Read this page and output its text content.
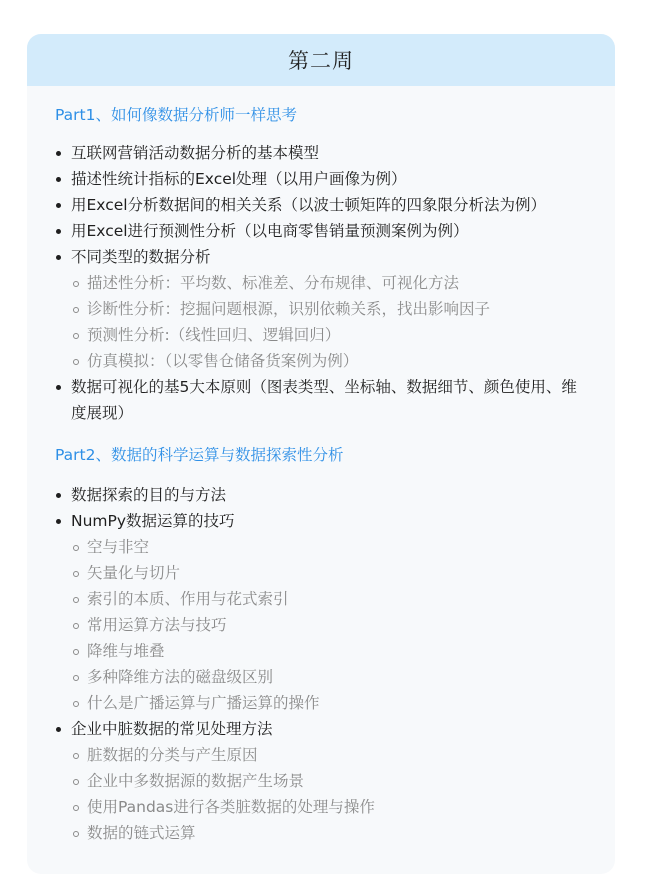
第二周
Part1、如何像数据分析师一样思考
互联网营销活动数据分析的基本模型
描述性统计指标的Excel处理（以用户画像为例）
用Excel分析数据间的相关关系（以波士顿矩阵的四象限分析法为例）
用Excel进行预测性分析（以电商零售销量预测案例为例）
不同类型的数据分析
描述性分析：平均数、标准差、分布规律、可视化方法
诊断性分析：挖掘问题根源，识别依赖关系，找出影响因子
预测性分析:（线性回归、逻辑回归）
仿真模拟：（以零售仓储备货案例为例）
数据可视化的基5大本原则（图表类型、坐标轴、数据细节、颜色使用、维度展现）
Part2、数据的科学运算与数据探索性分析
数据探索的目的与方法
NumPy数据运算的技巧
空与非空
矢量化与切片
索引的本质、作用与花式索引
常用运算方法与技巧
降维与堆叠
多种降维方法的磁盘级区别
什么是广播运算与广播运算的操作
企业中脏数据的常见处理方法
脏数据的分类与产生原因
企业中多数据源的数据产生场景
使用Pandas进行各类脏数据的处理与操作
数据的链式运算
